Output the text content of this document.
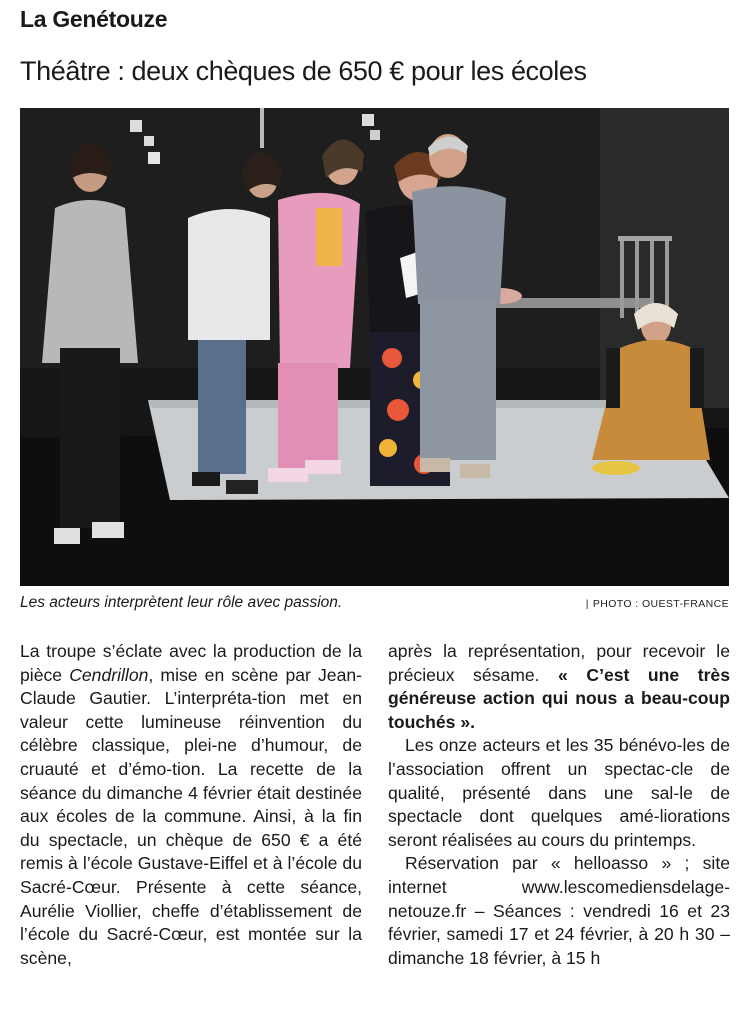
La Genétouze
Théâtre : deux chèques de 650 € pour les écoles
Les acteurs interprètent leur rôle avec passion.	| PHOTO : OUEST-FRANCE

La troupe s’éclate avec la production de la pièce Cendrillon, mise en scène par Jean-Claude Gautier. L’interpréta-tion met en valeur cette lumineuse réinvention du célèbre classique, plei-ne d’humour, de cruauté et d’émo-tion. La recette de la séance du dimanche 4 février était destinée aux écoles de la commune. Ainsi, à la fin du spectacle, un chèque de 650 € a été remis à l’école Gustave-Eiffel et à l’école du Sacré-Cœur. Présente à cette séance, Aurélie Viollier, cheffe d’établissement de l’école du Sacré-Cœur, est montée sur la scène,

après la représentation, pour recevoir le précieux sésame. « C’est une très généreuse action qui nous a beau-coup touchés ».

Les onze acteurs et les 35 bénévo-les de l’association offrent un spectac-cle de qualité, présenté dans une sal-le de spectacle dont quelques amé-liorations seront réalisées au cours du printemps.

Réservation par « helloasso » ; site internet www.lescomediensdelage-netouze.fr – Séances : vendredi 16 et 23 février, samedi 17 et 24 février, à 20 h 30 – dimanche 18 février, à 15 h
